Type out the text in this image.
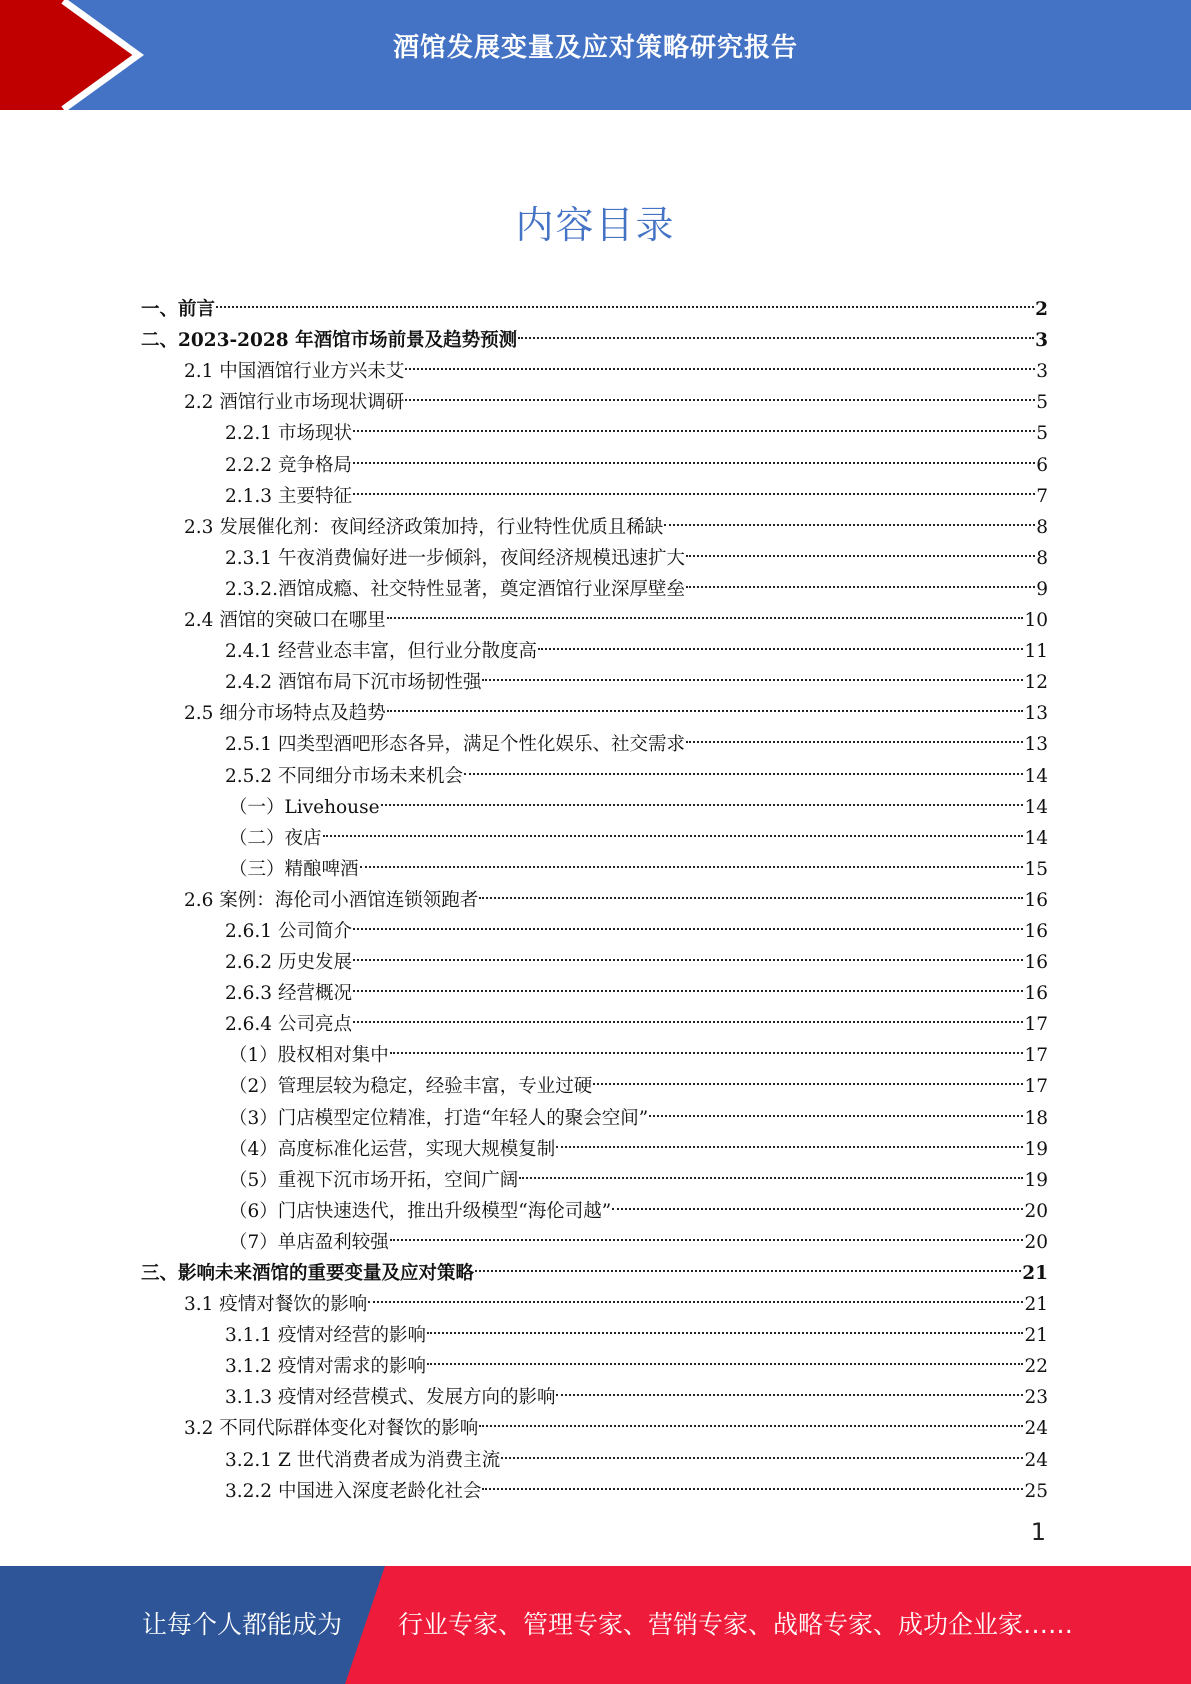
酒馆发展变量及应对策略研究报告
内容目录
一、前言	2
二、2023-2028 年酒馆市场前景及趋势预测	3
2.1 中国酒馆行业方兴未艾	3
2.2 酒馆行业市场现状调研	5
2.2.1 市场现状	5
2.2.2 竞争格局	6
2.1.3 主要特征	7
2.3 发展催化剂：夜间经济政策加持，行业特性优质且稀缺	8
2.3.1 午夜消费偏好进一步倾斜，夜间经济规模迅速扩大	8
2.3.2.酒馆成瘾、社交特性显著，奠定酒馆行业深厚壁垒	9
2.4 酒馆的突破口在哪里	10
2.4.1 经营业态丰富，但行业分散度高	11
2.4.2 酒馆布局下沉市场韧性强	12
2.5 细分市场特点及趋势	13
2.5.1 四类型酒吧形态各异，满足个性化娱乐、社交需求	13
2.5.2 不同细分市场未来机会	14
（一）Livehouse	14
（二）夜店	14
（三）精酿啤酒	15
2.6 案例：海伦司小酒馆连锁领跑者	16
2.6.1 公司简介	16
2.6.2 历史发展	16
2.6.3 经营概况	16
2.6.4 公司亮点	17
（1）股权相对集中	17
（2）管理层较为稳定，经验丰富，专业过硬	17
（3）门店模型定位精准，打造“年轻人的聚会空间”	18
（4）高度标准化运营，实现大规模复制	19
（5）重视下沉市场开拓，空间广阔	19
（6）门店快速迭代，推出升级模型“海伦司越”	20
（7）单店盈利较强	20
三、影响未来酒馆的重要变量及应对策略	21
3.1 疫情对餐饮的影响	21
3.1.1 疫情对经营的影响	21
3.1.2 疫情对需求的影响	22
3.1.3 疫情对经营模式、发展方向的影响	23
3.2 不同代际群体变化对餐饮的影响	24
3.2.1 Z 世代消费者成为消费主流	24
3.2.2 中国进入深度老龄化社会	25
1
让每个人都能成为 行业专家、管理专家、营销专家、战略专家、成功企业家……
